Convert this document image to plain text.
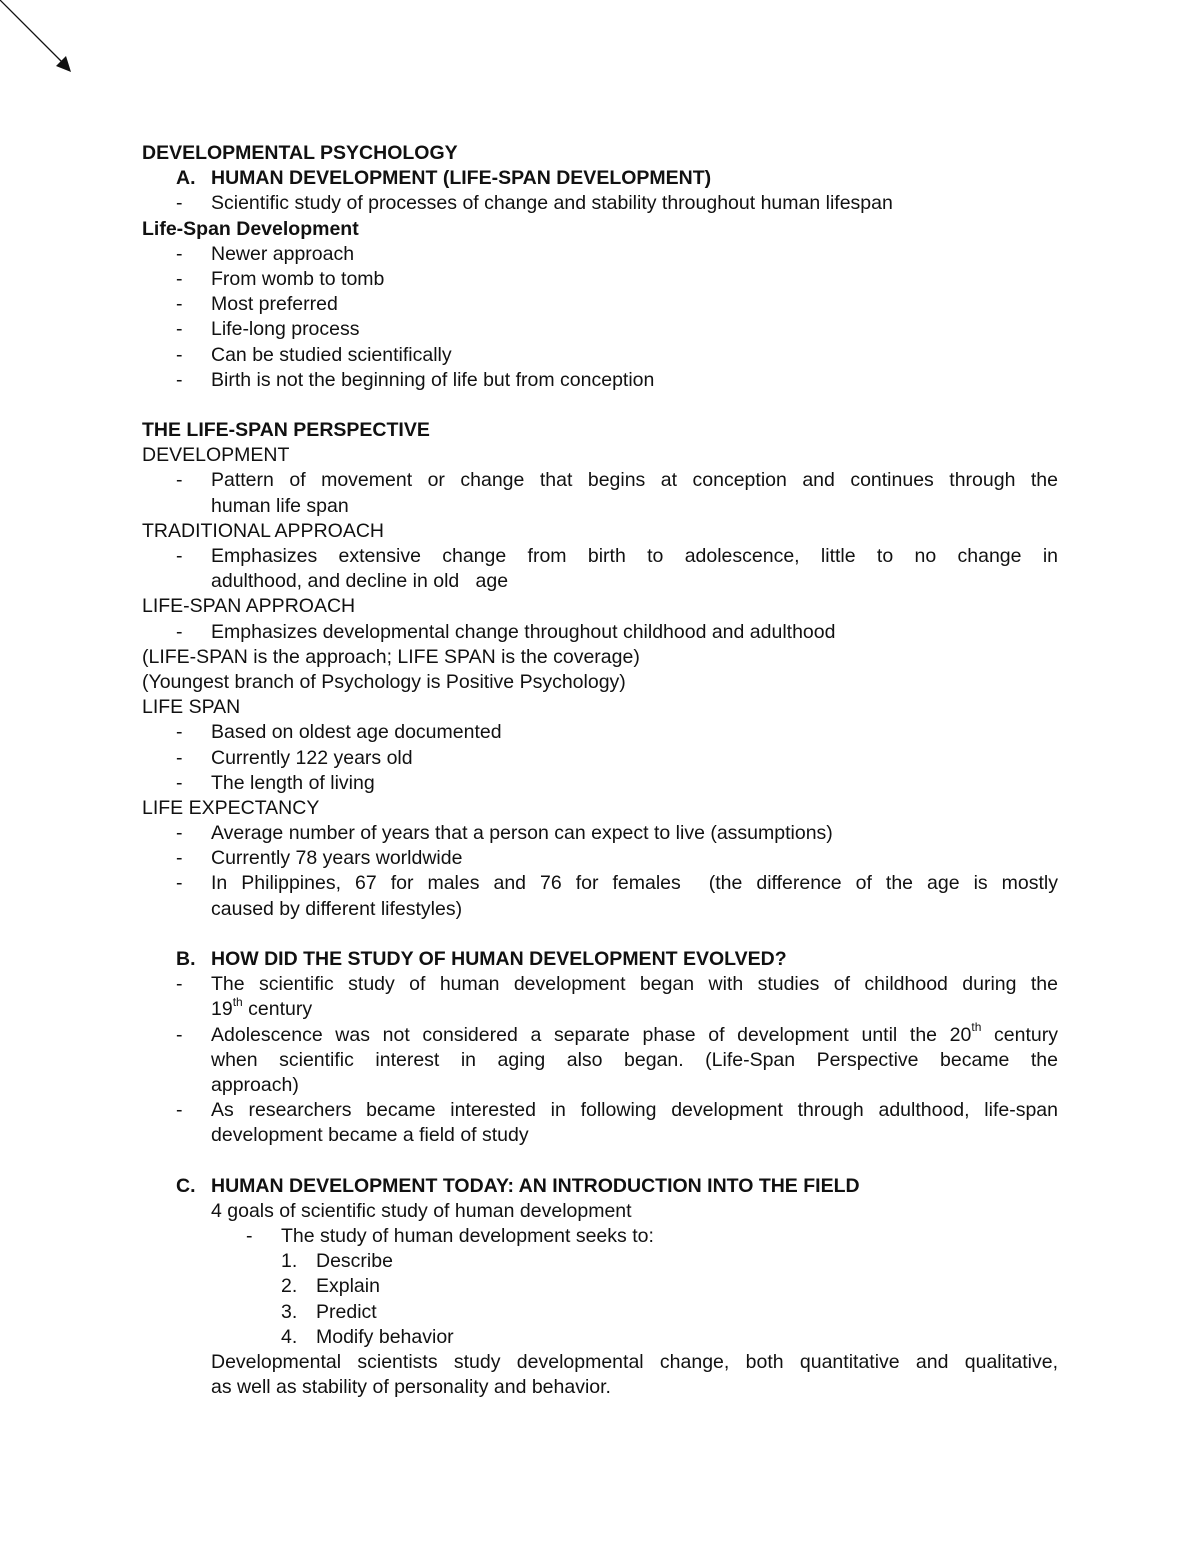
DEVELOPMENTAL PSYCHOLOGY
A. HUMAN DEVELOPMENT (LIFE-SPAN DEVELOPMENT)
- Scientific study of processes of change and stability throughout human lifespan
Life-Span Development
- Newer approach
- From womb to tomb
- Most preferred
- Life-long process
- Can be studied scientifically
- Birth is not the beginning of life but from conception
THE LIFE-SPAN PERSPECTIVE
DEVELOPMENT
-	Pattern of movement or change that begins at conception and continues through the
human life span
TRADITIONAL APPROACH
-	Emphasizes extensive change from birth to adolescence, little to no change in
adulthood, and decline in old   age
LIFE-SPAN APPROACH
- Emphasizes developmental change throughout childhood and adulthood
(LIFE-SPAN is the approach; LIFE SPAN is the coverage)
(Youngest branch of Psychology is Positive Psychology)
LIFE SPAN
- Based on oldest age documented
- Currently 122 years old
- The length of living
LIFE EXPECTANCY
- Average number of years that a person can expect to live (assumptions)
- Currently 78 years worldwide
-	In Philippines, 67 for males and 76 for females  (the difference of the age is mostly
caused by different lifestyles)
B. HOW DID THE STUDY OF HUMAN DEVELOPMENT EVOLVED?
-	The scientific study of human development began with studies of childhood during the
19th century
-	Adolescence was not considered a separate phase of development until the 20th century
when scientific interest in aging also began. (Life-Span Perspective became the
approach)
-	As researchers became interested in following development through adulthood, life-span
development became a field of study
C. HUMAN DEVELOPMENT TODAY: AN INTRODUCTION INTO THE FIELD
4 goals of scientific study of human development
- The study of human development seeks to:
1. Describe
2. Explain
3. Predict
4. Modify behavior
Developmental scientists study developmental change, both quantitative and qualitative,
as well as stability of personality and behavior.
